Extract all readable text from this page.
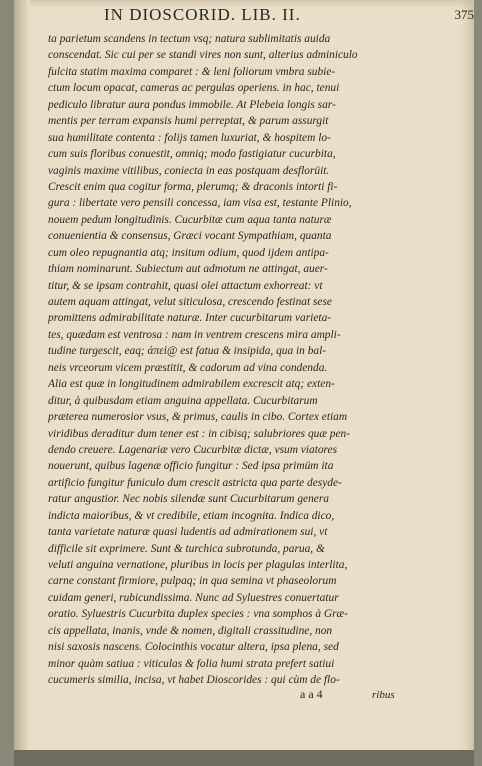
IN DIOSCORID. LIB. II.	375
ta parietum scandens in tectum vsq; natura sublimitatis auida
conscendat. Sic cui per se standi vires non sunt, alterius adminiculo
fulcita statim maxima comparet : & leni foliorum vmbra subie-
ctum locum opacat, cameras ac pergulas operiens. in hac, tenui
pediculo libratur aura pondus immobile. At Plebeia longis sar-
mentis per terram expansis humi perreptat, & parum assurgit
sua humilitate contenta : folijs tamen luxuriat, & hospitem lo-
cum suis floribus conuestit, omniq; modo fastigiatur cucurbita,
vaginis maxime vitilibus, coniecta in eas postquam desflorüit.
Crescit enim qua cogitur forma, plerumq; & draconis intorti fi-
gura : libertate vero pensili concessa, iam visa est, testante Plinio,
nouem pedum longitudinis. Cucurbitæ cum aqua tanta naturæ
conuenientia & consensus, Græci vocant Sympathiam, quanta
cum oleo repugnantia atq; insitum odium, quod ijdem antipa-
thiam nominarunt. Subiectum aut admotum ne attingat, auer-
titur, & se ipsam contrahit, quasi olei attactum exhorreat: vt
autem aquam attingat, velut siticulosa, crescendo festinat sese
promittens admirabilitate naturæ. Inter cucurbitarum varieta-
tes, quædam est ventrosa : nam in ventrem crescens mira ampli-
tudine turgescit, eaq; ἀπεὶ@ est fatua & insipida, qua in bal-
neis vrceorum vicem præstitit, & cadorum ad vina condenda.
Alia est quæ in longitudinem admirabilem excrescit atq; exten-
ditur, à quibusdam etiam anguina appellata. Cucurbitarum
præterea numerosior vsus, & primus, caulis in cibo. Cortex etiam
viridibus deraditur dum tener est : in cibisq; salubriores quæ pen-
dendo creuere. Lagenariæ vero Cucurbitæ dictæ, vsum viatores
nouerunt, quibus lagenæ officio fungitur : Sed ipsa primüm ita
artificio fungitur funiculo dum crescit astricta qua parte desyde-
ratur angustior. Nec nobis silendæ sunt Cucurbitarum genera
indicta maioribus, & vt credibile, etiam incognita. Indica dico,
tanta varietate naturæ quasi ludentis ad admirationem sui, vt
difficile sit exprimere. Sunt & turchica subrotunda, parua, &
veluti anguina vernatione, pluribus in locis per plagulas interlita,
carne constant firmiore, pulpaq; in qua semina vt phaseolorum
cuidam generi, rubicundissima. Nunc ad Syluestres conuertatur
oratio. Syluestris Cucurbita duplex species : vna somphos à Græ-
cis appellata, inanis, vnde & nomen, digitali crassitudine, non
nisi saxosis nascens. Colocinthis vocatur altera, ipsa plena, sed
minor quàm satiua : viticulas & folia humi strata prefert satiui
cucumeris similia, incisa, vt habet Dioscorides : qui cùm de flo-
a a 4	ribus
